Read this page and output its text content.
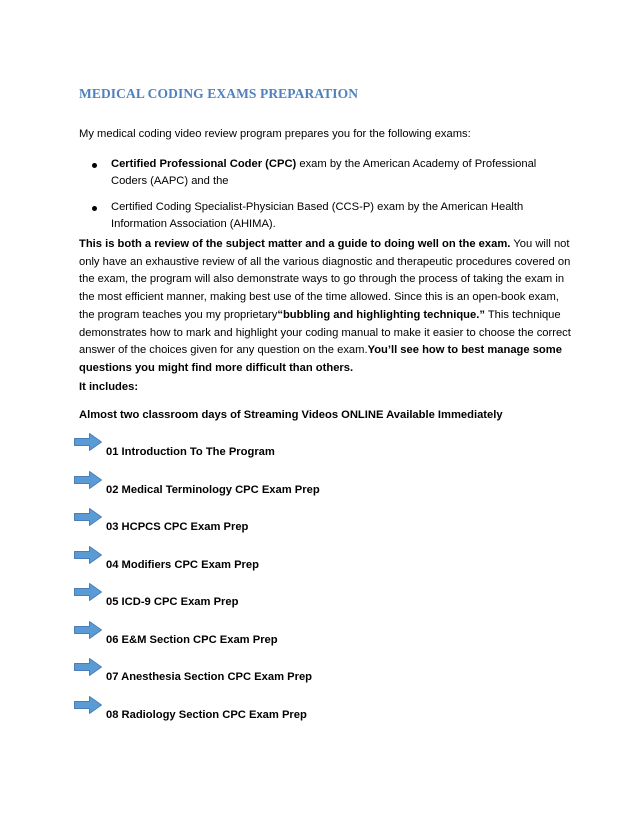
MEDICAL CODING EXAMS PREPARATION
My medical coding video review program prepares you for the following exams:
Certified Professional Coder (CPC) exam by the American Academy of Professional Coders (AAPC) and the
Certified Coding Specialist-Physician Based (CCS-P) exam by the American Health Information Association (AHIMA).
This is both a review of the subject matter and a guide to doing well on the exam. You will not only have an exhaustive review of all the various diagnostic and therapeutic procedures covered on the exam, the program will also demonstrate ways to go through the process of taking the exam in the most efficient manner, making best use of the time allowed. Since this is an open-book exam, the program teaches you my proprietary“bubbling and highlighting technique.” This technique demonstrates how to mark and highlight your coding manual to make it easier to choose the correct answer of the choices given for any question on the exam.You’ll see how to best manage some questions you might find more difficult than others.
It includes:
Almost two classroom days of Streaming Videos ONLINE Available Immediately
01 Introduction To The Program
02 Medical Terminology CPC Exam Prep
03 HCPCS CPC Exam Prep
04 Modifiers CPC Exam Prep
05 ICD-9 CPC Exam Prep
06 E&M Section CPC Exam Prep
07 Anesthesia Section CPC Exam Prep
08 Radiology Section CPC Exam Prep
